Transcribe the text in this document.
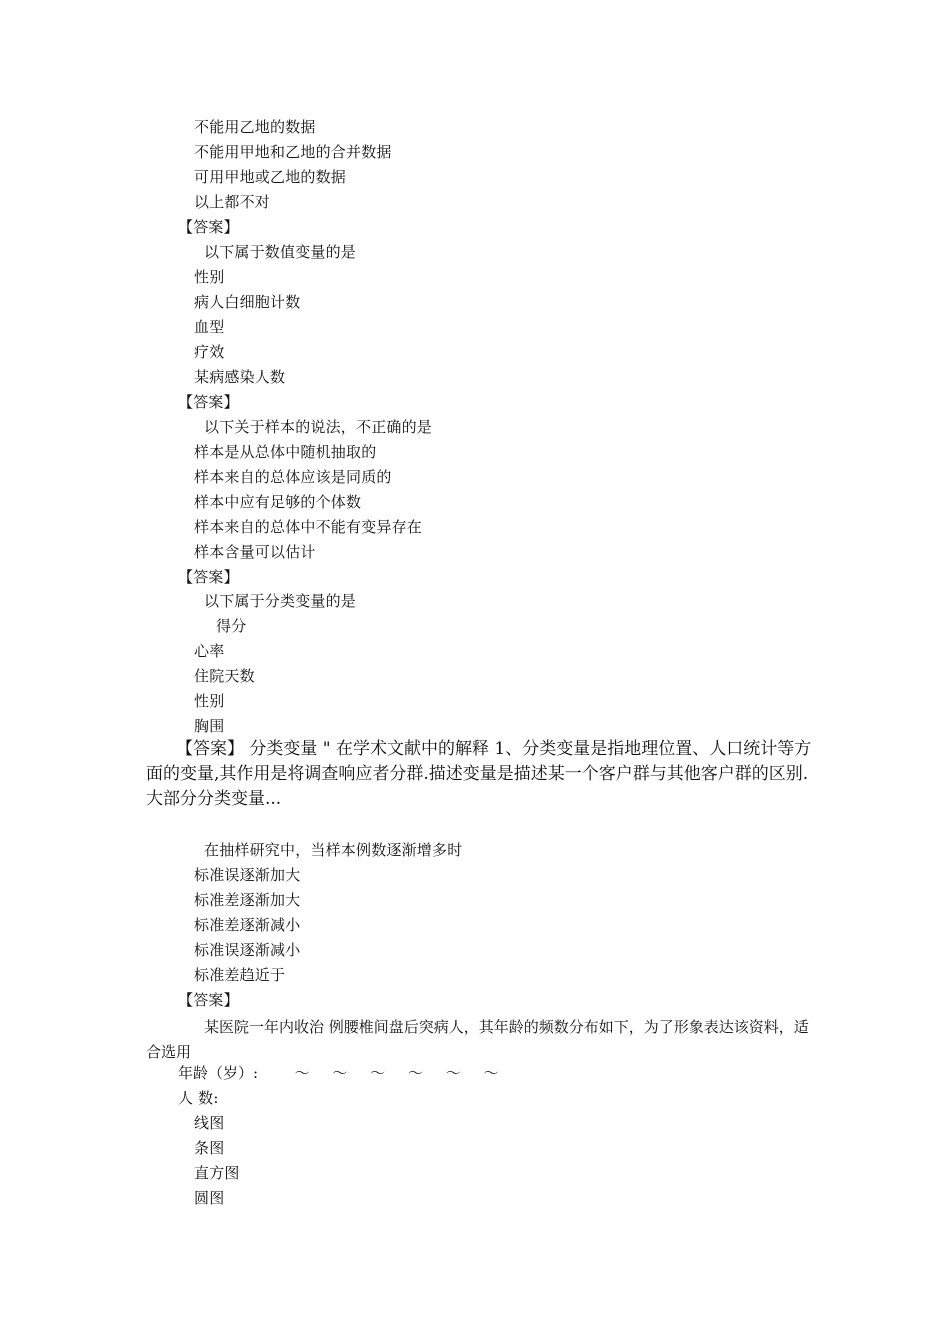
不能用乙地的数据
不能用甲地和乙地的合并数据
可用甲地或乙地的数据
以上都不对
【答案】
以下属于数值变量的是
性别
病人白细胞计数
血型
疗效
某病感染人数
【答案】
以下关于样本的说法，不正确的是
样本是从总体中随机抽取的
样本来自的总体应该是同质的
样本中应有足够的个体数
样本来自的总体中不能有变异存在
样本含量可以估计
【答案】
以下属于分类变量的是
得分
心率
住院天数
性别
胸围
【答案】 分类变量 " 在学术文献中的解释 1、分类变量是指地理位置、人口统计等方面的变量,其作用是将调查响应者分群.描述变量是描述某一个客户群与其他客户群的区别.大部分分类变量...
在抽样研究中，当样本例数逐渐增多时
标准误逐渐加大
标准差逐渐加大
标准差逐渐减小
标准误逐渐减小
标准差趋近于
【答案】
某医院一年内收治 例腰椎间盘后突病人，其年龄的频数分布如下，为了形象表达该资料，适合选用
年龄（岁）: ～ ～ ～ ～ ～ ～
人 数:
线图
条图
直方图
圆图
